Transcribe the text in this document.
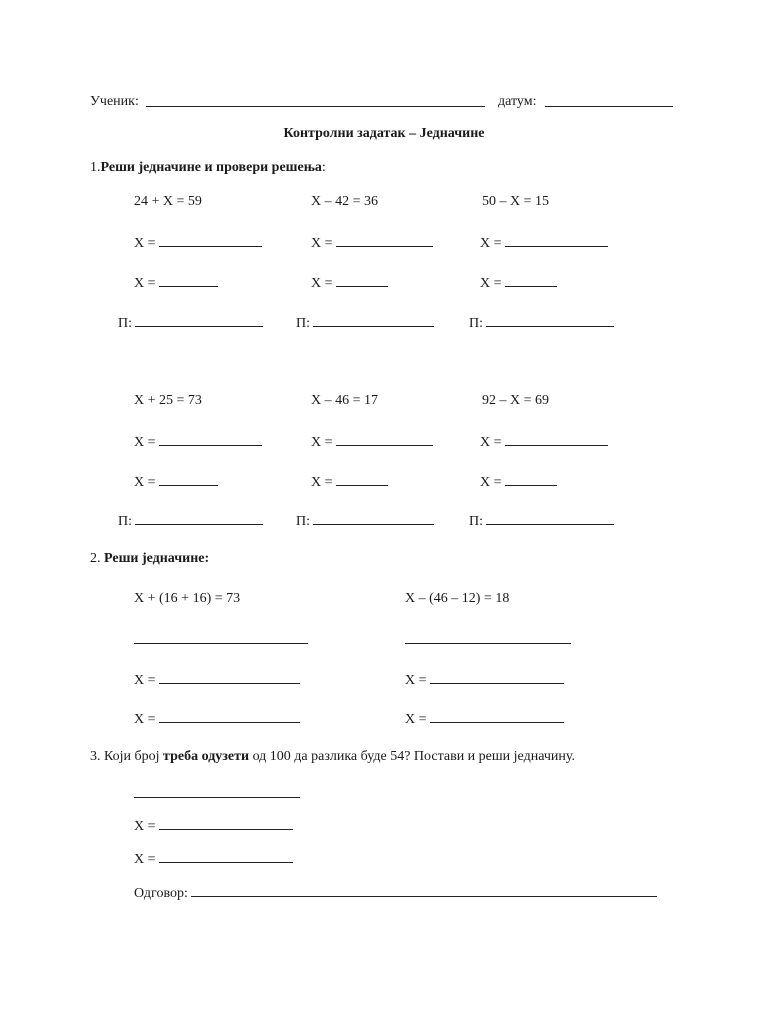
Ученик:	датум:
Контролни задатак – Једначине
1.Реши једначине и провери решења:
24 + X = 59	X – 42 = 36	50 – X = 15
X =	X =	X =
X =	X =	X =
П:	П:	П:
X + 25 = 73	X – 46 = 17	92 – X = 69
X =	X =	X =
X =	X =	X =
П:	П:	П:
2. Реши једначине:
X + (16 + 16) = 73	X – (46 – 12) = 18
X =	X =
X =	X =
3. Који број треба одузети од 100 да разлика буде 54? Постави и реши једначину.
X =
X =
Одговор:
